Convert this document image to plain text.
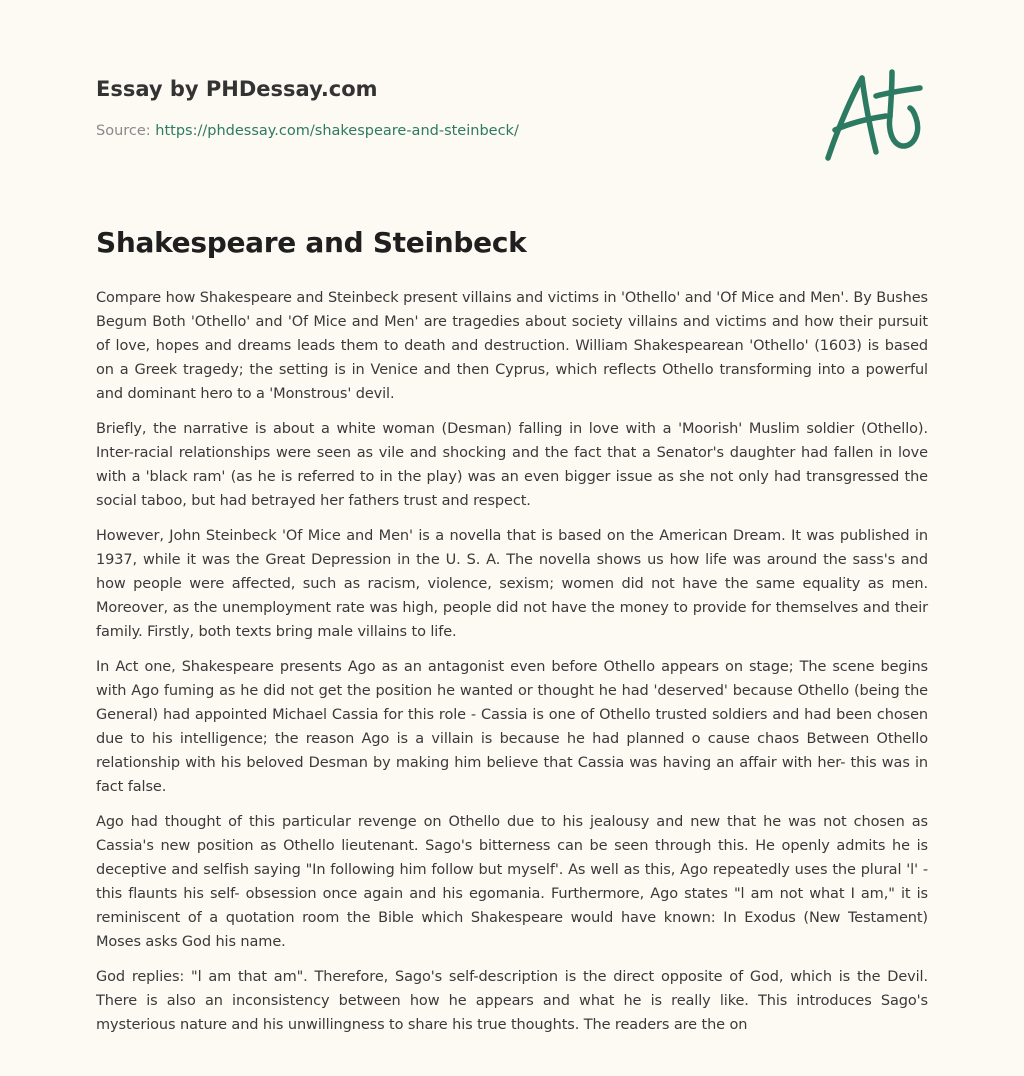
Essay by PHDessay.com
Source: https://phdessay.com/shakespeare-and-steinbeck/
Shakespeare and Steinbeck

Compare how Shakespeare and Steinbeck present villains and victims in 'Othello' and 'Of Mice and Men'. By Bushes Begum Both 'Othello' and 'Of Mice and Men' are tragedies about society villains and victims and how their pursuit of love, hopes and dreams leads them to death and destruction. William Shakespearean 'Othello' (1603) is based on a Greek tragedy; the setting is in Venice and then Cyprus, which reflects Othello transforming into a powerful and dominant hero to a 'Monstrous' devil.

Briefly, the narrative is about a white woman (Desman) falling in love with a 'Moorish' Muslim soldier (Othello). Inter-racial relationships were seen as vile and shocking and the fact that a Senator's daughter had fallen in love with a 'black ram' (as he is referred to in the play) was an even bigger issue as she not only had transgressed the social taboo, but had betrayed her fathers trust and respect.

However, John Steinbeck 'Of Mice and Men' is a novella that is based on the American Dream. It was published in 1937, while it was the Great Depression in the U. S. A. The novella shows us how life was around the sass's and how people were affected, such as racism, violence, sexism; women did not have the same equality as men. Moreover, as the unemployment rate was high, people did not have the money to provide for themselves and their family. Firstly, both texts bring male villains to life.

In Act one, Shakespeare presents Ago as an antagonist even before Othello appears on stage; The scene begins with Ago fuming as he did not get the position he wanted or thought he had 'deserved' because Othello (being the General) had appointed Michael Cassia for this role - Cassia is one of Othello trusted soldiers and had been chosen due to his intelligence; the reason Ago is a villain is because he had planned o cause chaos Between Othello relationship with his beloved Desman by making him believe that Cassia was having an affair with her- this was in fact false.

Ago had thought of this particular revenge on Othello due to his jealousy and new that he was not chosen as Cassia's new position as Othello lieutenant. Sago's bitterness can be seen through this. He openly admits he is deceptive and selfish saying "In following him follow but myself'. As well as this, Ago repeatedly uses the plural 'l' - this flaunts his self- obsession once again and his egomania. Furthermore, Ago states "l am not what I am," it is reminiscent of a quotation room the Bible which Shakespeare would have known: In Exodus (New Testament) Moses asks God his name.

God replies: "l am that am". Therefore, Sago's self-description is the direct opposite of God, which is the Devil. There is also an inconsistency between how he appears and what he is really like. This introduces Sago's mysterious nature and his unwillingness to share his true thoughts. The readers are the on
